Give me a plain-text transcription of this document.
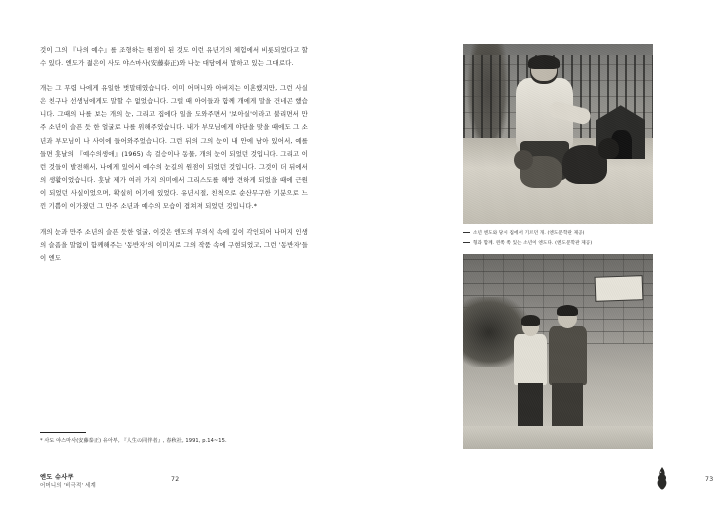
것이 그의 『나의 예수』를 조형하는 원점이 된 것도 이런 유년기의 체험에서 비롯되었다고 할 수 있다. 엔도가 젊은이 사도 야스마사(安藤泰正)와 나눈 대담에서 말하고 있는 그대로다.

개는 그 무렵 나에게 유일한 벗말테였습니다. 이미 어머니와 아버지는 이혼했지만, 그런 사실은 친구나 선생님에게도 말할 수 없었습니다. 그럴 때 아이들과 함께 개에게 말을 건네곤 했습니다. 그때의 나를 보는 개의 눈, 그리고 집에다 일을 도와주면서 '보아실'이라고 불리면서 만주 소년이 슬픈 듯 한 얼굴로 나를 위해주었습니다. 내가 부모님에게 야단을 맞을 때에도 그 소년과 부모님이 나 사이에 들어와주었습니다. 그런 뒤의 그의 눈이 내 안에 남아 있어서, 예를 들면 훗날의 『예수의생애』(1965) 속 걸승이나 동물, 개의 눈이 되었던 것입니다. 그리고 이런 것들이 발전해서, 나에게 있어서 예수의 눈길의 원점이 되었던 것입니다. 그것이 더 뒤에서의 생활이었습니다. 훗날 제가 여러 가지 의미에서 그리스도를 해방 견하게 되었을 때에 근원이 되었던 사실이었으며, 확실히 어기에 있었다. 유년시절, 친척으로 순산무구한 기분으로 느낀 기쁨이 이가졌던 그 만주 소년과 예수의 모습이 겹쳐져 되었던 것입니다.*

개의 눈과 만주 소년의 슬픈 듯한 얼굴, 이것은 엔도의 무의식 속에 깊이 각인되어 나머지 인생의 슬픔을 말없이 함께해주는 '동반자'의 이미지로 그의 작품 속에 구현되었고, 그런 '동반자'들이 엔도

* 사도 야스마사(安藤泰正) 유아부, 『人生の同伴者』, 春秋社, 1991, p.14~15.
엔도 슈사쿠
어머니의 '비극적' 세계
72
소년 엔도와 당시 집에서 기르던 개. (엔도문학관 제공)
형과 함께. 왼쪽 쪽 있는 소년이 엔도다. (엔도문학관 제공)
73
